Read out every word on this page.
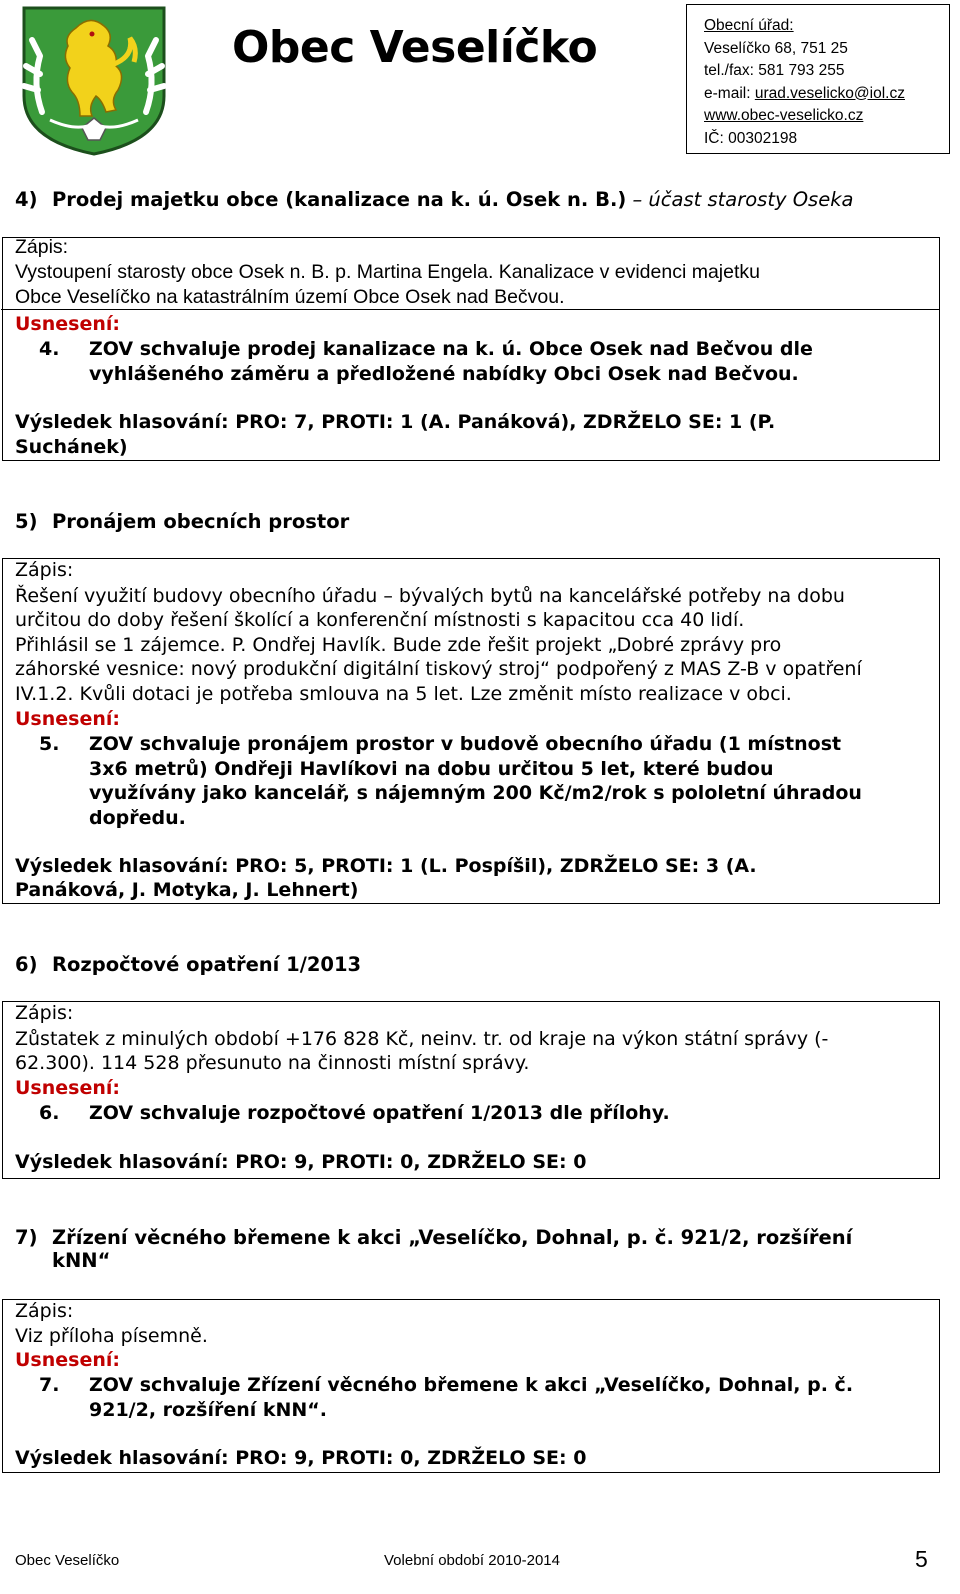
Obec Veselíčko	Obecní úřad:
Veselíčko 68, 751 25
tel./fax: 581 793 255
e-mail: urad.veselicko@iol.cz
www.obec-veselicko.cz
IČ: 00302198
4) Prodej majetku obce (kanalizace na k. ú. Osek n. B.) – účast starosty Oseka
Zápis:
Vystoupení starosty obce Osek n. B. p. Martina Engela. Kanalizace v evidenci majetku
Obce Veselíčko na katastrálním území Obce Osek nad Bečvou.
Usnesení:
4. ZOV schvaluje prodej kanalizace na k. ú. Obce Osek nad Bečvou dle
vyhlášeného záměru a předložené nabídky Obci Osek nad Bečvou.
Výsledek hlasování: PRO: 7, PROTI: 1 (A. Panáková), ZDRŽELO SE: 1 (P.
Suchánek)
5) Pronájem obecních prostor
Zápis:
Řešení využití budovy obecního úřadu – bývalých bytů na kancelářské potřeby na dobu
určitou do doby řešení školící a konferenční místnosti s kapacitou cca 40 lidí.
Přihlásil se 1 zájemce. P. Ondřej Havlík. Bude zde řešit projekt „Dobré zprávy pro
záhorské vesnice: nový produkční digitální tiskový stroj“ podpořený z MAS Z-B v opatření
IV.1.2. Kvůli dotaci je potřeba smlouva na 5 let. Lze změnit místo realizace v obci.
Usnesení:
5. ZOV schvaluje pronájem prostor v budově obecního úřadu (1 místnost
3x6 metrů) Ondřeji Havlíkovi na dobu určitou 5 let, které budou
využívány jako kancelář, s nájemným 200 Kč/m2/rok s pololetní úhradou
dopředu.
Výsledek hlasování: PRO: 5, PROTI: 1 (L. Pospíšil), ZDRŽELO SE: 3 (A.
Panáková, J. Motyka, J. Lehnert)
6) Rozpočtové opatření 1/2013
Zápis:
Zůstatek z minulých období +176 828 Kč, neinv. tr. od kraje na výkon státní správy (-
62.300). 114 528 přesunuto na činnosti místní správy.
Usnesení:
6. ZOV schvaluje rozpočtové opatření 1/2013 dle přílohy.
Výsledek hlasování: PRO: 9, PROTI: 0, ZDRŽELO SE: 0
7) Zřízení věcného břemene k akci „Veselíčko, Dohnal, p. č. 921/2, rozšíření
kNN“
Zápis:
Viz příloha písemně.
Usnesení:
7. ZOV schvaluje Zřízení věcného břemene k akci „Veselíčko, Dohnal, p. č.
921/2, rozšíření kNN“.
Výsledek hlasování: PRO: 9, PROTI: 0, ZDRŽELO SE: 0
Obec Veselíčko	Volební období 2010-2014	5
